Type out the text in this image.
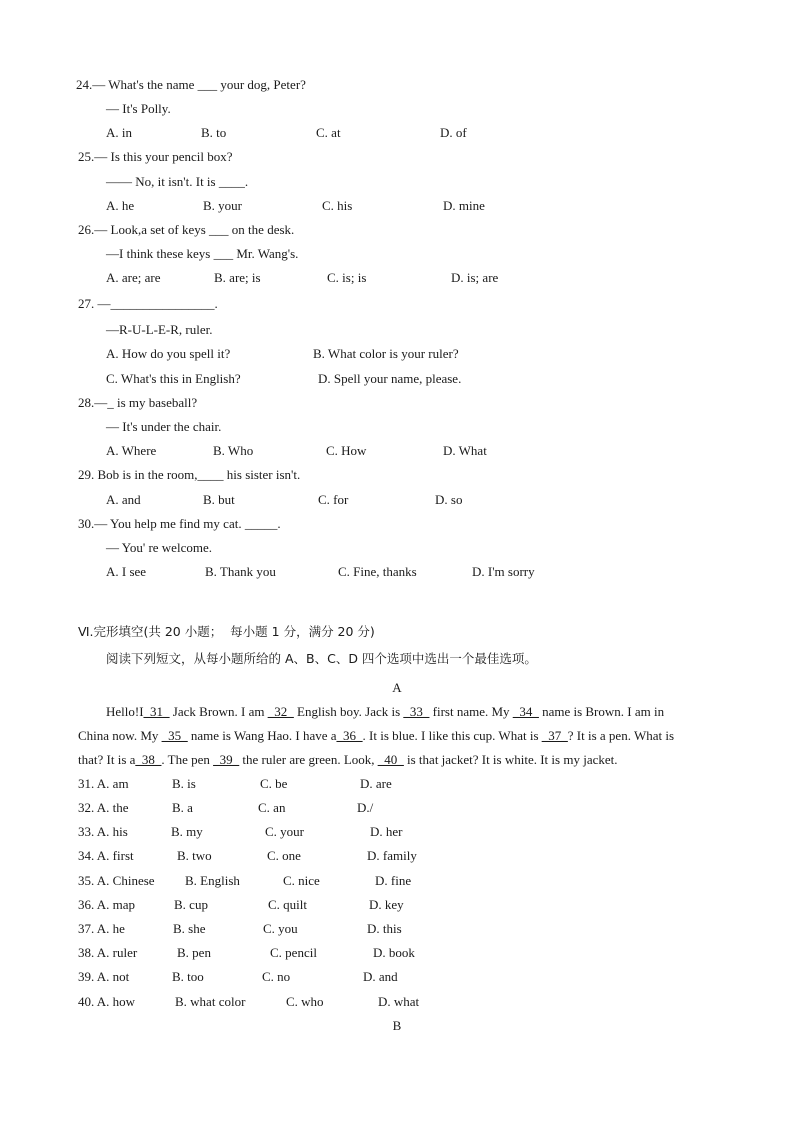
24.— What's the name ___ your dog, Peter?
— It's Polly.
A. in	B. to	C. at	D. of
25.— Is this your pencil box?
—— No, it isn't. It is ____.
A. he	B. your	C. his	D. mine
26.— Look,a set of keys ___ on the desk.
—I think these keys ___ Mr. Wang's.
A. are; are	B. are; is	C. is; is	D. is; are
27. —________________.
—R-U-L-E-R, ruler.
A. How do you spell it?	B. What color is your ruler?
C. What's this in English?	D. Spell your name, please.
28.—_ is my baseball?
— It's under the chair.
A. Where	B. Who	C. How	D. What
29. Bob is in the room,____ his sister isn't.
A. and	B. but	C. for	D. so
30.— You help me find my cat. _____.
— You' re welcome.
A. I see	B. Thank you	C. Fine, thanks	D. I'm sorry
Ⅵ.完形填空(共 20 小题；  每小题 1 分，满分 20 分)
阅读下列短文，从每小题所给的 A、B、C、D 四个选项中选出一个最佳选项。
A
Hello!I_31_ Jack Brown. I am _32_ English boy. Jack is _33_ first name. My _34_ name is Brown. I am in
China now. My _35_ name is Wang Hao. I have a_36_. It is blue. I like this cup. What is _37_? It is a pen. What is
that? It is a_38_. The pen _39_ the ruler are green. Look, _40_ is that jacket? It is white. It is my jacket.
31. A. am	B. is	C. be	D. are
32. A. the	B. a	C. an	D./
33. A. his	B. my	C. your	D. her
34. A. first	B. two	C. one	D. family
35. A. Chinese B. English	C. nice	D. fine
36. A. map	B. cup	C. quilt	D. key
37. A. he	B. she	C. you	D. this
38. A. ruler	B. pen	C. pencil	D. book
39. A. not	B. too	C. no	D. and
40. A. how	B. what color	C. who	D. what
B
